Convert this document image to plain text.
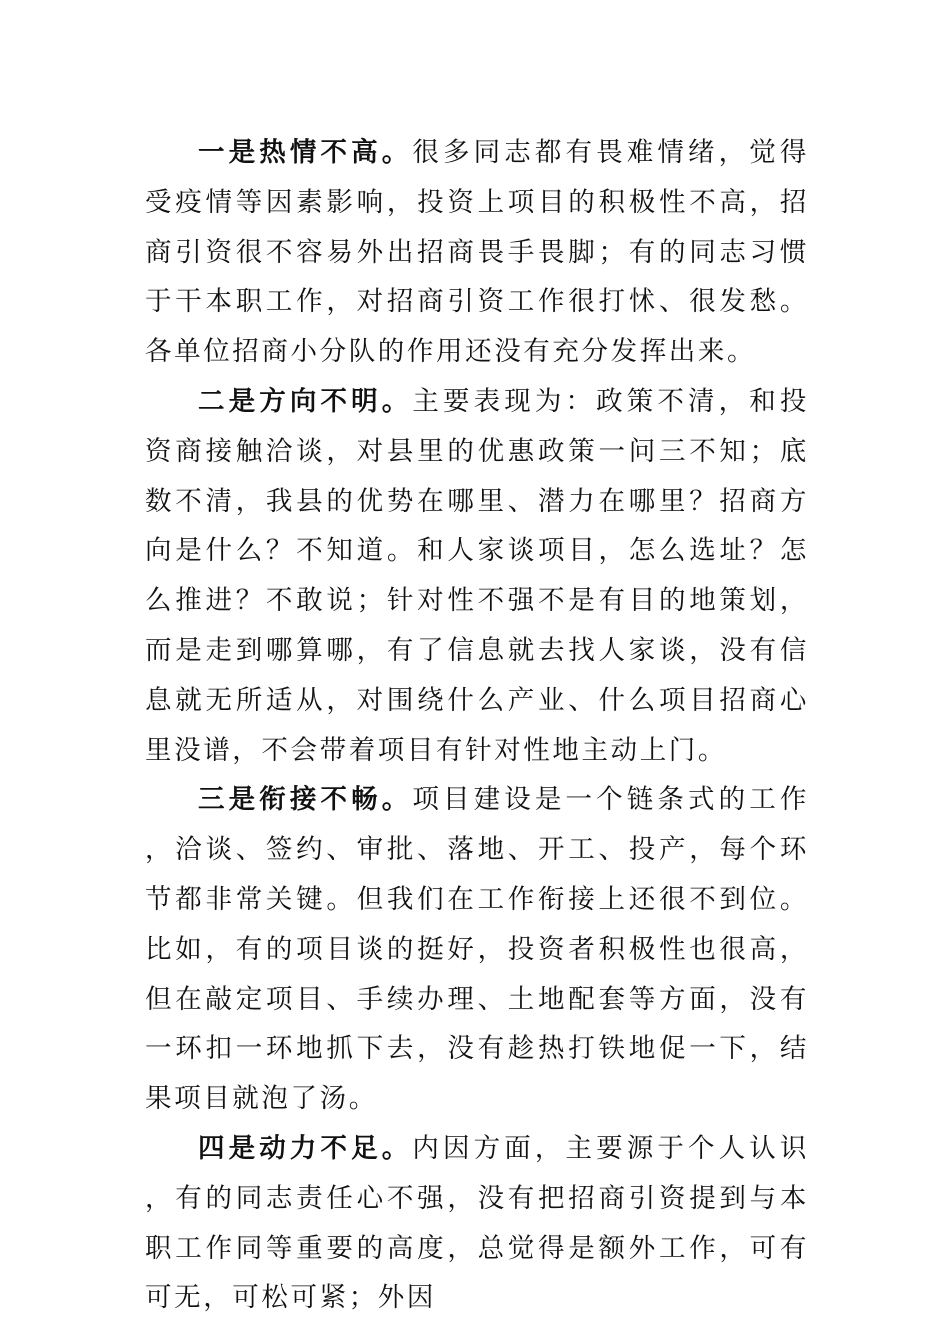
一是热情不高。很多同志都有畏难情绪，觉得受疫情等因素影响，投资上项目的积极性不高，招商引资很不容易外出招商畏手畏脚；有的同志习惯于干本职工作，对招商引资工作很打怵、很发愁。各单位招商小分队的作用还没有充分发挥出来。

二是方向不明。主要表现为：政策不清，和投资商接触洽谈，对县里的优惠政策一问三不知；底数不清，我县的优势在哪里、潜力在哪里？招商方向是什么？不知道。和人家谈项目，怎么选址？怎么推进？不敢说；针对性不强不是有目的地策划，而是走到哪算哪，有了信息就去找人家谈，没有信息就无所适从，对围绕什么产业、什么项目招商心里没谱，不会带着项目有针对性地主动上门。

三是衔接不畅。项目建设是一个链条式的工作，洽谈、签约、审批、落地、开工、投产，每个环节都非常关键。但我们在工作衔接上还很不到位。比如，有的项目谈的挺好，投资者积极性也很高，但在敲定项目、手续办理、土地配套等方面，没有一环扣一环地抓下去，没有趁热打铁地促一下，结果项目就泡了汤。

四是动力不足。内因方面，主要源于个人认识，有的同志责任心不强，没有把招商引资提到与本职工作同等重要的高度，总觉得是额外工作，可有可无，可松可紧；外因
